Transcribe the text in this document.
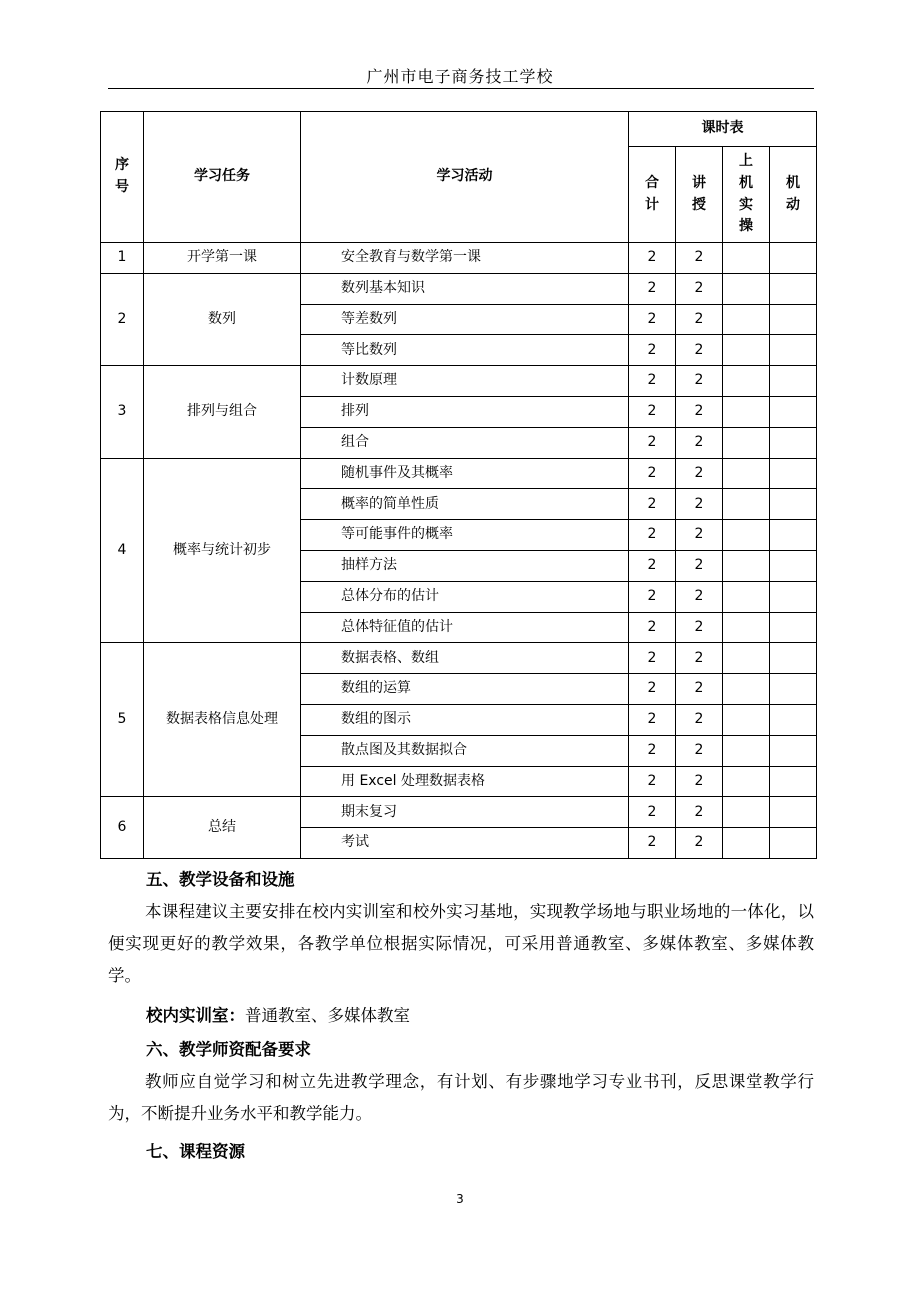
广州市电子商务技工学校
序号	学习任务	学习活动	课时表			
			合计	讲授	上机实操	机动
1	开学第一课	安全教育与数学第一课	2	2		
2	数列	数列基本知识	2	2		
		等差数列	2	2		
		等比数列	2	2		
3	排列与组合	计数原理	2	2		
		排列	2	2		
		组合	2	2		
4	概率与统计初步	随机事件及其概率	2	2		
		概率的简单性质	2	2		
		等可能事件的概率	2	2		
		抽样方法	2	2		
		总体分布的估计	2	2		
		总体特征值的估计	2	2		
5	数据表格信息处理	数据表格、数组	2	2		
		数组的运算	2	2		
		数组的图示	2	2		
		散点图及其数据拟合	2	2		
		用 Excel 处理数据表格	2	2		
6	总结	期末复习	2	2		
		考试	2	2		
五、教学设备和设施
本课程建议主要安排在校内实训室和校外实习基地，实现教学场地与职业场地的一体化，以便实现更好的教学效果，各教学单位根据实际情况，可采用普通教室、多媒体教室、多媒体教学。
校内实训室：普通教室、多媒体教室
六、教学师资配备要求
教师应自觉学习和树立先进教学理念，有计划、有步骤地学习专业书刊，反思课堂教学行为，不断提升业务水平和教学能力。
七、课程资源
3
